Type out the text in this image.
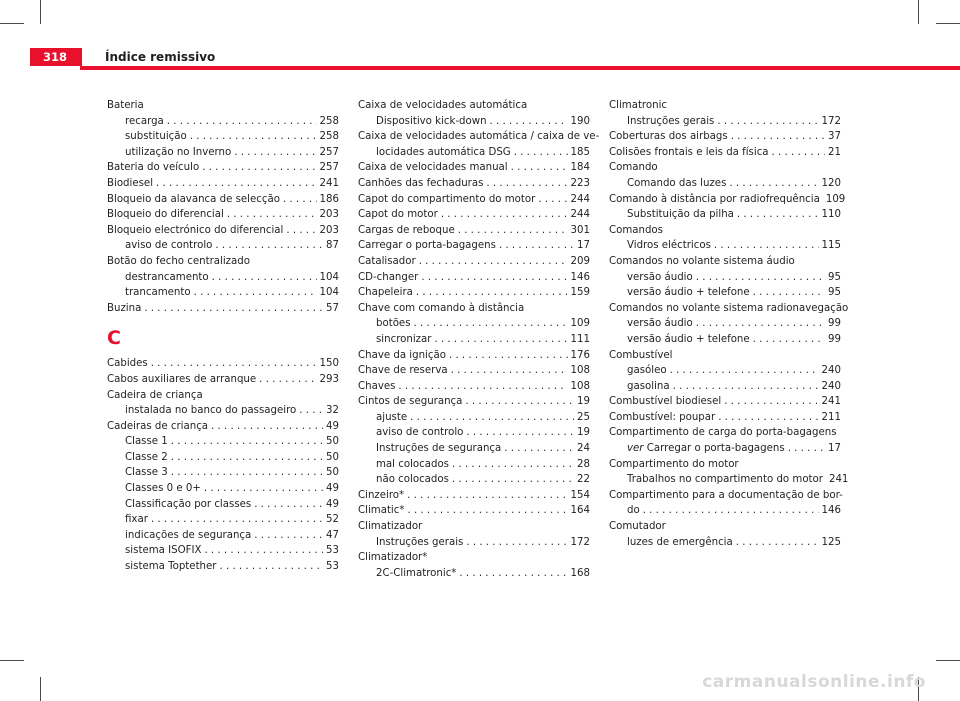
318	Índice remissivo
Bateria
recarga . . .	258
substituição . . .	258
utilização no Inverno . . .	257
Bateria do veículo . . .	257
Biodiesel . . .	241
Bloqueio da alavanca de selecção . . .	186
Bloqueio do diferencial . . .	203
Bloqueio electrónico do diferencial . . .	203
aviso de controlo . . .	87
Botão do fecho centralizado
destrancamento . . .	104
trancamento . . .	104
Buzina . . .	57
C
Cabides . . .	150
Cabos auxiliares de arranque . . .	293
Cadeira de criança
instalada no banco do passageiro . . .	32
Cadeiras de criança . . .	49
Classe 1 . . .	50
Classe 2 . . .	50
Classe 3 . . .	50
Classes 0 e 0+ . . .	49
Classificação por classes . . .	49
fixar . . .	52
indicações de segurança . . .	47
sistema ISOFIX . . .	53
sistema Toptether . . .	53
Caixa de velocidades automática
Dispositivo kick-down . . .	190
Caixa de velocidades automática / caixa de ve-
locidades automática DSG . . .	185
Caixa de velocidades manual . . .	184
Canhões das fechaduras . . .	223
Capot do compartimento do motor . . .	244
Capot do motor . . .	244
Cargas de reboque . . .	301
Carregar o porta-bagagens . . .	17
Catalisador . . .	209
CD-changer . . .	146
Chapeleira . . .	159
Chave com comando à distância
botões . . .	109
sincronizar . . .	111
Chave da ignição . . .	176
Chave de reserva . . .	108
Chaves . . .	108
Cintos de segurança . . .	19
ajuste . . .	25
aviso de controlo . . .	19
Instruções de segurança . . .	24
mal colocados . . .	28
não colocados . . .	22
Cinzeiro* . . .	154
Climatic* . . .	164
Climatizador
Instruções gerais . . .	172
Climatizador*
2C-Climatronic* . . .	168
Climatronic
Instruções gerais . . .	172
Coberturas dos airbags . . .	37
Colisões frontais e leis da física . . .	21
Comando
Comando das luzes . . .	120
Comando à distância por radiofrequência 109
Substituição da pilha . . .	110
Comandos
Vidros eléctricos . . .	115
Comandos no volante sistema áudio
versão áudio . . .	95
versão áudio + telefone . . .	95
Comandos no volante sistema radionavegação
versão áudio . . .	99
versão áudio + telefone . . .	99
Combustível
gasóleo . . .	240
gasolina . . .	240
Combustível biodiesel . . .	241
Combustível: poupar . . .	211
Compartimento de carga do porta-bagagens
ver Carregar o porta-bagagens . . .	17
Compartimento do motor
Trabalhos no compartimento do motor 241
Compartimento para a documentação de bor-
do . . .	146
Comutador
luzes de emergência . . .	125
carmanualsonline.info
